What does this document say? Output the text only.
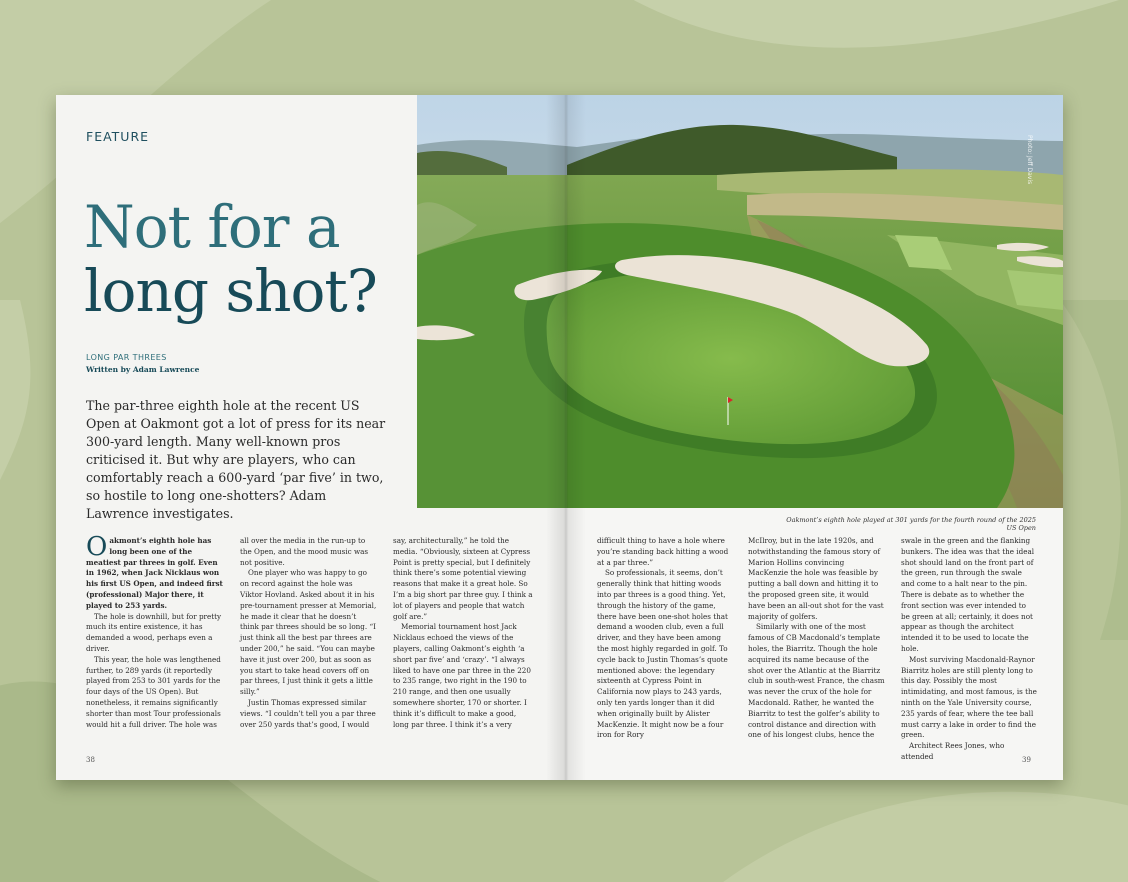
Photo: Jeff Davis
Oakmont’s eighth hole played at 301 yards for the fourth round of the 2025 US Open
FEATURE
Not for a
long shot?
LONG PAR THREES
Written by Adam Lawrence

The par-three eighth hole at the recent US Open at Oakmont got a lot of press for its near 300-yard length. Many well-known pros criticised it. But why are players, who can comfortably reach a 600-yard ‘par five’ in two, so hostile to long one-shotters? Adam Lawrence investigates.

Oakmont’s eighth hole has long been one of the meatiest par threes in golf. Even in 1962, when Jack Nicklaus won his first US Open, and indeed first (professional) Major there, it played to 253 yards.

The hole is downhill, but for pretty much its entire existence, it has demanded a wood, perhaps even a driver.

This year, the hole was lengthened further, to 289 yards (it reportedly played from 253 to 301 yards for the four days of the US Open). But nonetheless, it remains significantly shorter than most Tour professionals would hit a full driver. The hole was

all over the media in the run-up to the Open, and the mood music was not positive.

One player who was happy to go on record against the hole was Viktor Hovland. Asked about it in his pre-tournament presser at Memorial, he made it clear that he doesn’t think par threes should be so long. “I just think all the best par threes are under 200,” he said. “You can maybe have it just over 200, but as soon as you start to take head covers off on par threes, I just think it gets a little silly.”

Justin Thomas expressed similar views. “I couldn’t tell you a par three over 250 yards that’s good, I would

say, architecturally,” he told the media. “Obviously, sixteen at Cypress Point is pretty special, but I definitely think there’s some potential viewing reasons that make it a great hole. So I’m a big short par three guy. I think a lot of players and people that watch golf are.”

Memorial tournament host Jack Nicklaus echoed the views of the players, calling Oakmont’s eighth ‘a short par five’ and ‘crazy’. “I always liked to have one par three in the 220 to 235 range, two right in the 190 to 210 range, and then one usually somewhere shorter, 170 or shorter. I think it’s difficult to make a good, long par three. I think it’s a very

difficult thing to have a hole where you’re standing back hitting a wood at a par three.”

So professionals, it seems, don’t generally think that hitting woods into par threes is a good thing. Yet, through the history of the game, there have been one-shot holes that demand a wooden club, even a full driver, and they have been among the most highly regarded in golf. To cycle back to Justin Thomas’s quote mentioned above: the legendary sixteenth at Cypress Point in California now plays to 243 yards, only ten yards longer than it did when originally built by Alister MacKenzie. It might now be a four iron for Rory

McIlroy, but in the late 1920s, and notwithstanding the famous story of Marion Hollins convincing MacKenzie the hole was feasible by putting a ball down and hitting it to the proposed green site, it would have been an all-out shot for the vast majority of golfers.

Similarly with one of the most famous of CB Macdonald’s template holes, the Biarritz. Though the hole acquired its name because of the shot over the Atlantic at the Biarritz club in south-west France, the chasm was never the crux of the hole for Macdonald. Rather, he wanted the Biarritz to test the golfer’s ability to control distance and direction with one of his longest clubs, hence the

swale in the green and the flanking bunkers. The idea was that the ideal shot should land on the front part of the green, run through the swale and come to a halt near to the pin. There is debate as to whether the front section was ever intended to be green at all; certainly, it does not appear as though the architect intended it to be used to locate the hole.

Most surviving Macdonald-Raynor Biarritz holes are still plenty long to this day. Possibly the most intimidating, and most famous, is the ninth on the Yale University course, 235 yards of fear, where the tee ball must carry a lake in order to find the green.

Architect Rees Jones, who attended

38	39
